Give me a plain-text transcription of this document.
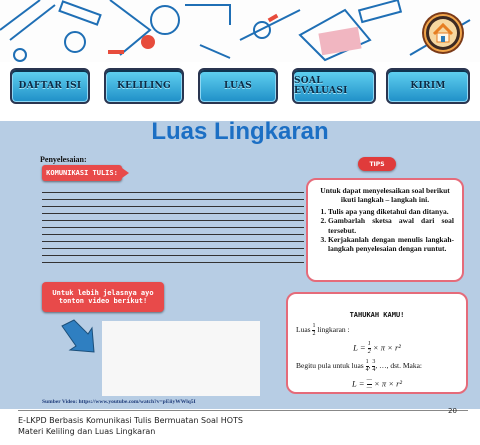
DAFTAR ISI	KELILING	LUAS	SOAL EVALUASI	KIRIM
Luas Lingkaran
Penyelesaian:
KOMUNIKASI TULIS:
TIPS

Untuk dapat menyelesaikan soal berikut ikuti langkah – langkah ini.

1. Tulis apa yang diketahui dan ditanya.
2. Gambarlah sketsa awal dari soal tersebut.
3. Kerjakanlah dengan menulis langkah-langkah penyelesaian dengan runtut.
Untuk lebih jelasnya ayo
tonton video berikut!
TAHUKAH KAMU!
Luas $\frac{1}{2}$ lingkaran :
$L = \frac{1}{2} \times \pi \times r^2$
Begitu pula untuk luas $\frac{1}{4}$ , $\frac{3}{4}$ , …, dst. Maka:
$L = \frac{—}{—} \times \pi \times r^2$
Sumber Video: https://www.youtube.com/watch?v=pEiiyWWlq5I
E-LKPD Berbasis Komunikasi Tulis Bermuatan Soal HOTS
Materi Keliling dan Luas Lingkaran
20
